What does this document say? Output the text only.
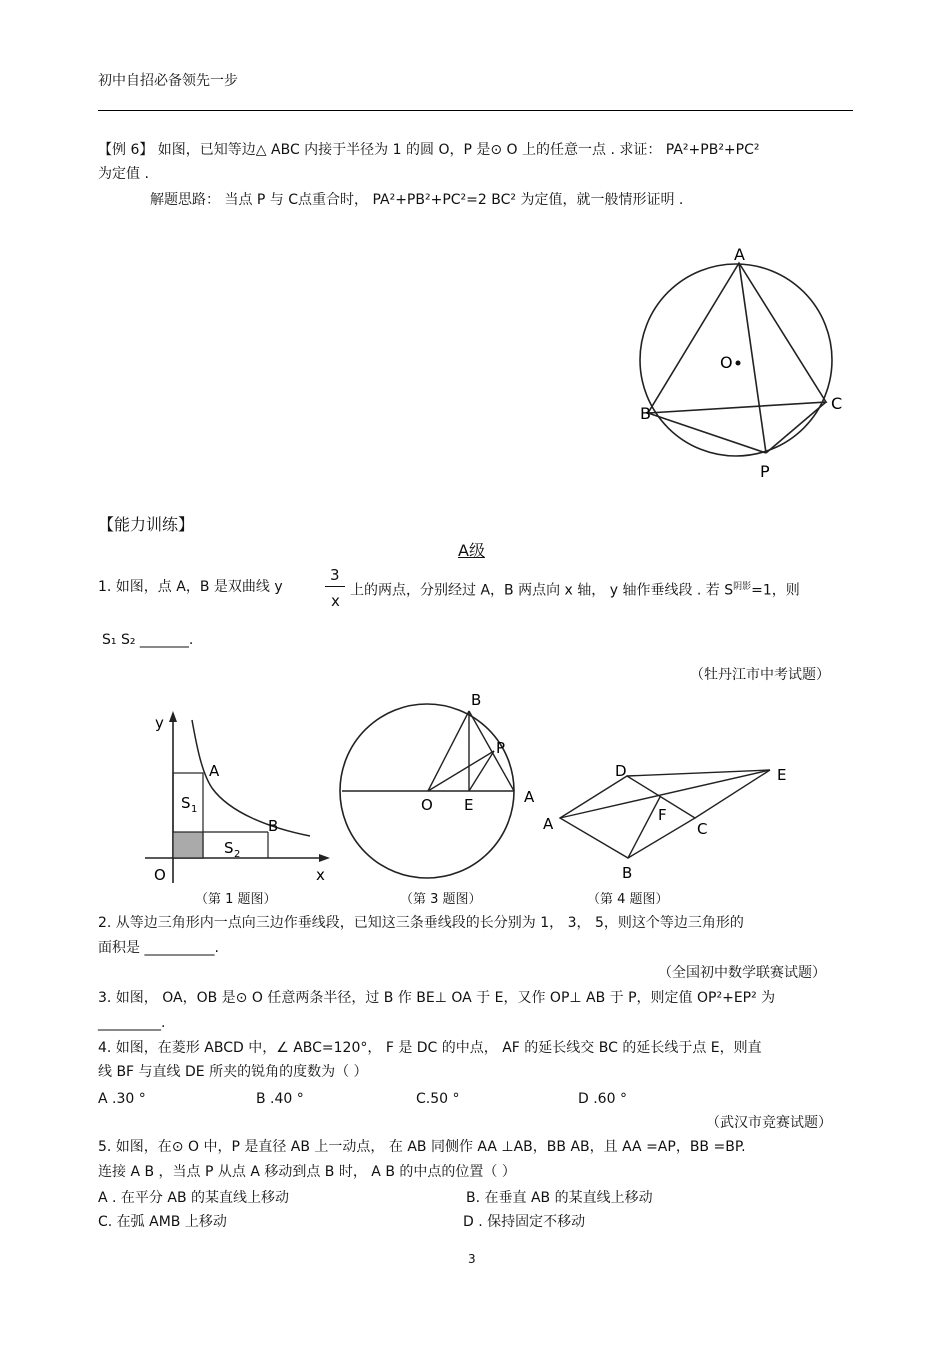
初中自招必备领先一步
【例 6】 如图，已知等边△ ABC 内接于半径为 1 的圆 O，P 是⊙ O 上的任意一点 . 求证： PA²+PB²+PC²
为定值 .
解题思路： 当点 P 与 C点重合时， PA²+PB²+PC²=2 BC² 为定值，就一般情形证明 .
A
O
B
C
P
【能力训练】
A级
1. 如图，点 A，B 是双曲线 y
3
x
上的两点，分别经过 A，B 两点向 x 轴， y 轴作垂线段 . 若 $S^{阴影}=1$，则
S₁ S₂ _______.
（牡丹江市中考试题）
y
x
O
A
B
S 1
S 2
（第 1 题图）
B
P
O E	A
（第 3 题图）
D	E
A	F
C
B
（第 4 题图）
2. 从等边三角形内一点向三边作垂线段，已知这三条垂线段的长分别为 1， 3， 5，则这个等边三角形的
面积是 __________.
（全国初中数学联赛试题）
3. 如图， OA，OB 是⊙ O 任意两条半径，过 B 作 BE⊥ OA 于 E，又作 OP⊥ AB 于 P，则定值 OP²+EP² 为
_________.
4. 如图，在菱形 ABCD 中，∠ ABC=120°， F 是 DC 的中点， AF 的延长线交 BC 的延长线于点 E，则直
线 BF 与直线 DE 所夹的锐角的度数为（ ）
A .30 °	B .40 °	C.50 °	D .60 °
（武汉市竞赛试题）
5. 如图，在⊙ O 中，P 是直径 AB 上一动点， 在 AB 同侧作 AA ⊥AB，BB AB，且 AA =AP，BB =BP.
连接 A B ，当点 P 从点 A 移动到点 B 时， A B 的中点的位置（ ）
A . 在平分 AB 的某直线上移动	B. 在垂直 AB 的某直线上移动
C. 在弧 AMB 上移动	D . 保持固定不移动
3
